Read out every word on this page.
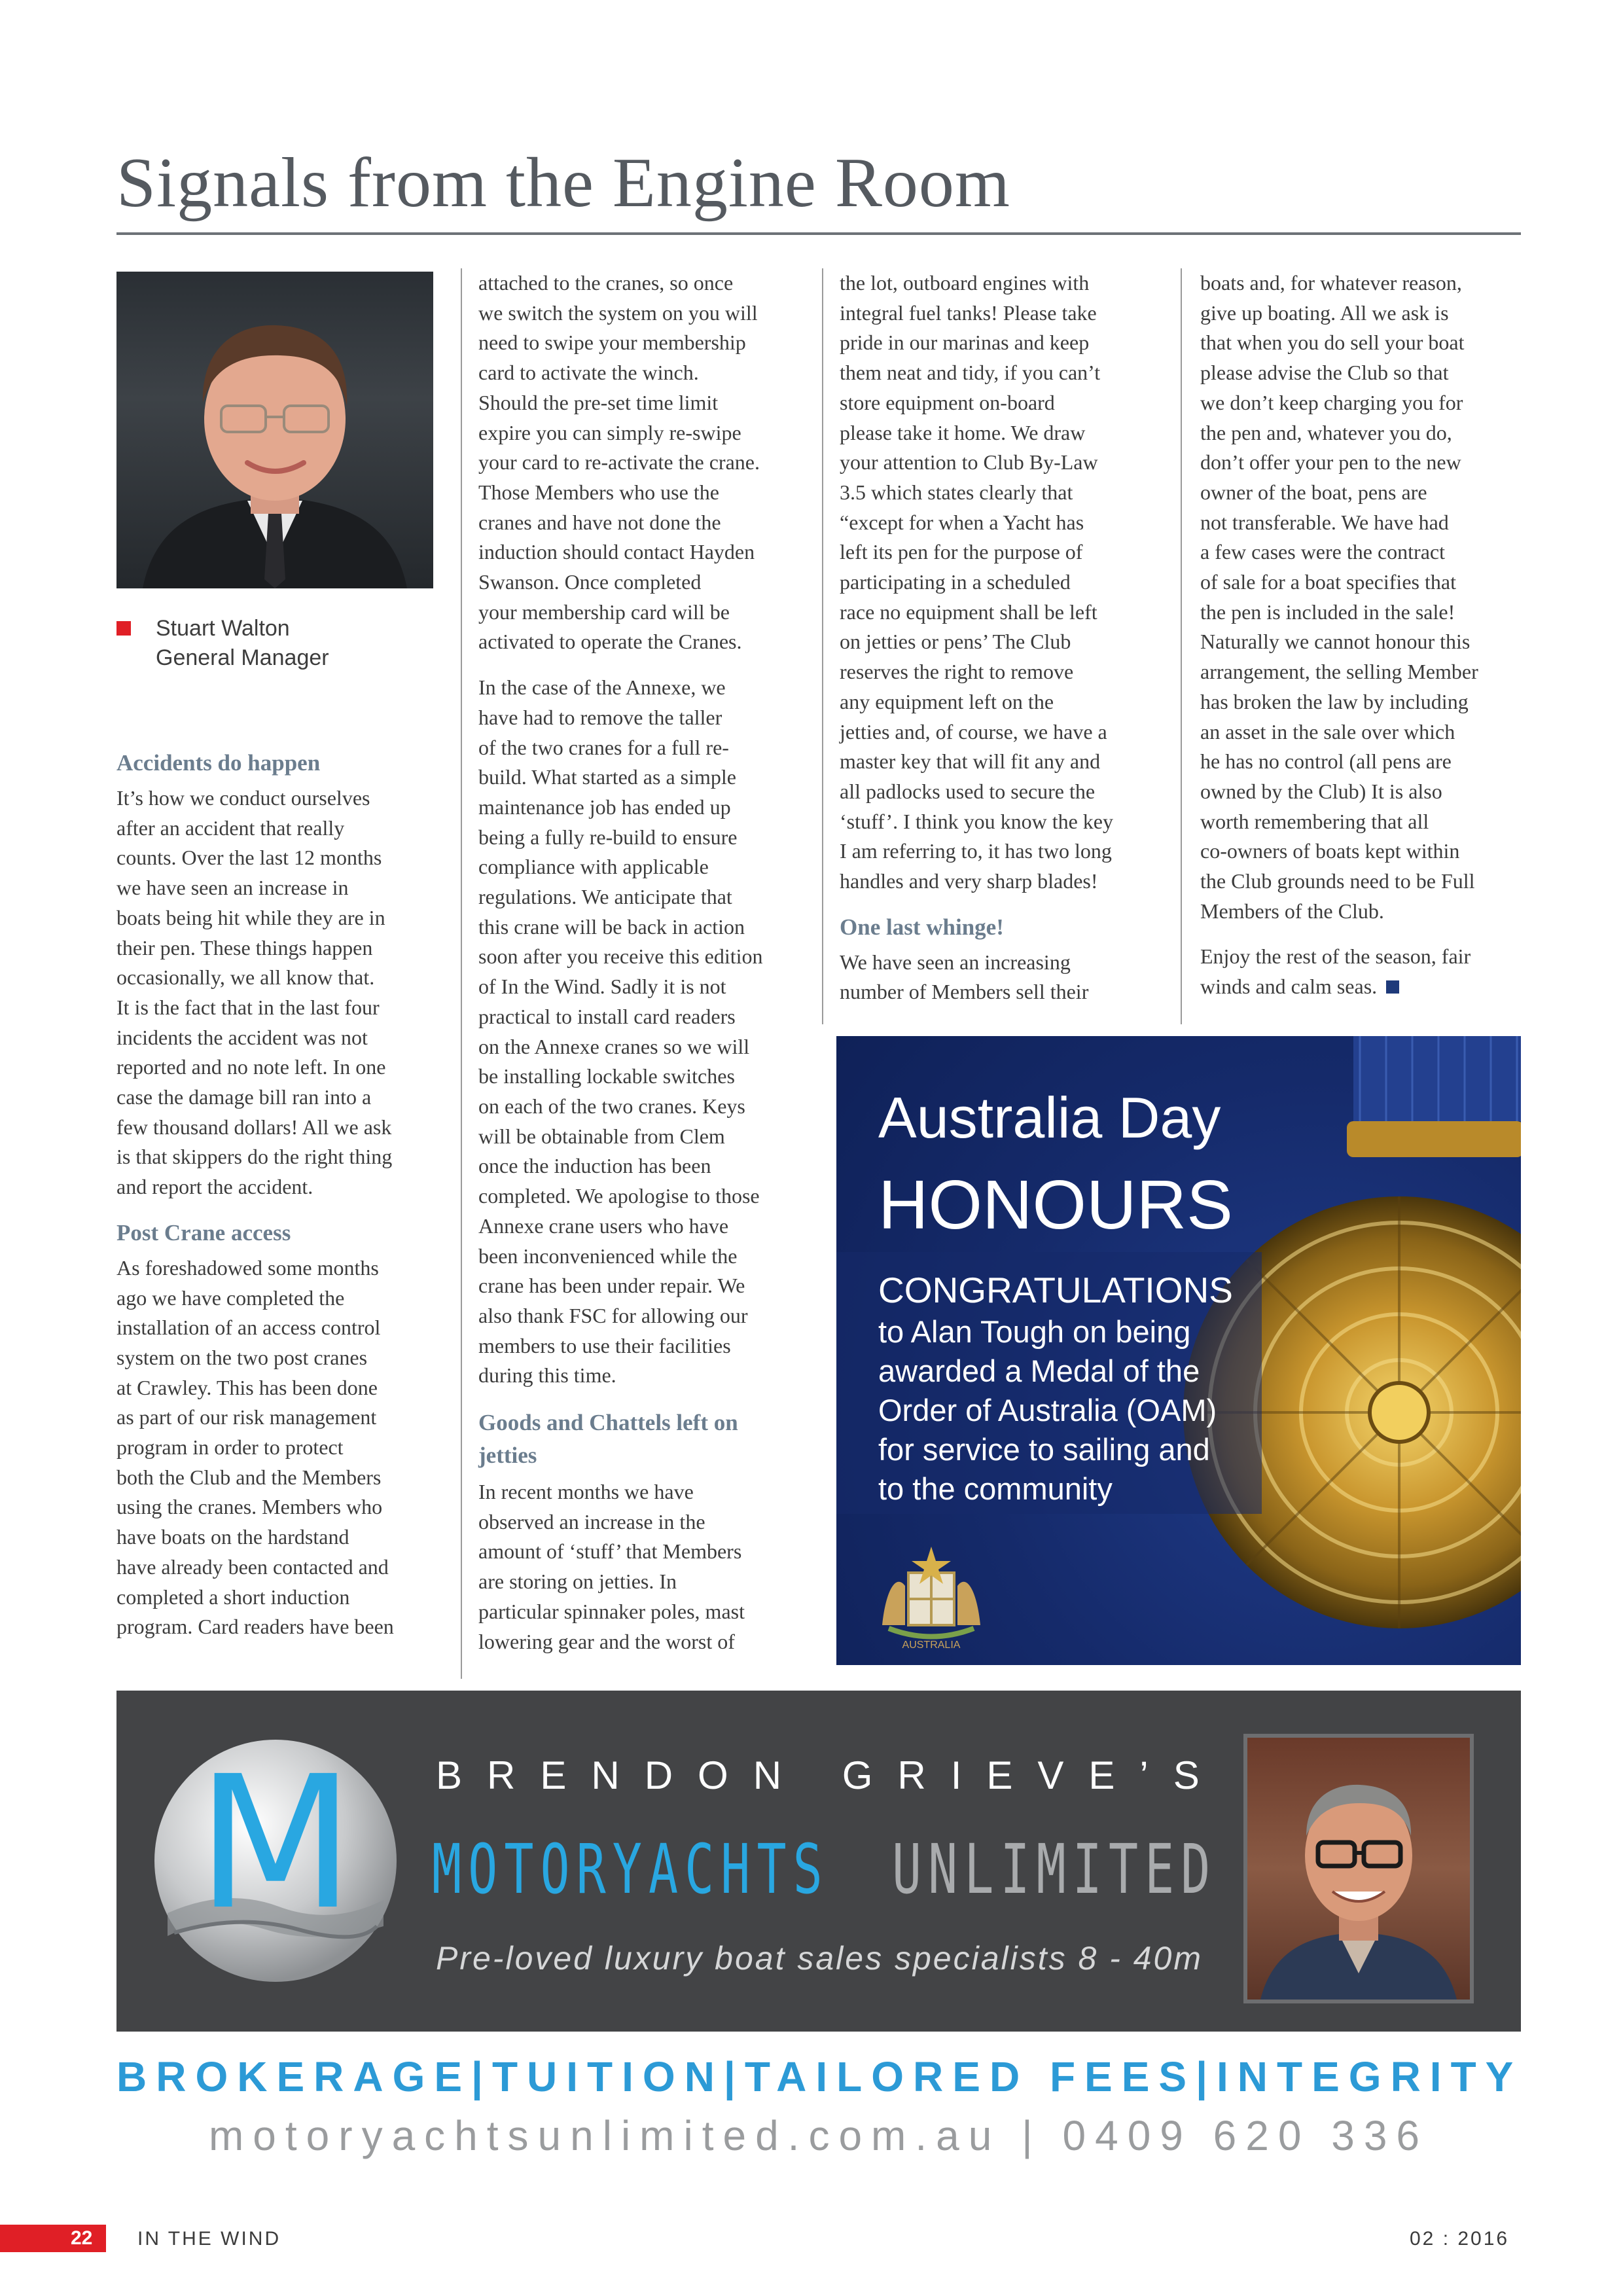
Signals from the Engine Room
Stuart Walton
General Manager
Accidents do happen

It’s how we conduct ourselves
after an accident that really
counts. Over the last 12 months
we have seen an increase in
boats being hit while they are in
their pen. These things happen
occasionally, we all know that.
It is the fact that in the last four
incidents the accident was not
reported and no note left. In one
case the damage bill ran into a
few thousand dollars! All we ask
is that skippers do the right thing
and report the accident.

Post Crane access

As foreshadowed some months
ago we have completed the
installation of an access control
system on the two post cranes
at Crawley. This has been done
as part of our risk management
program in order to protect
both the Club and the Members
using the cranes. Members who
have boats on the hardstand
have already been contacted and
completed a short induction
program. Card readers have been

attached to the cranes, so once
we switch the system on you will
need to swipe your membership
card to activate the winch.
Should the pre-set time limit
expire you can simply re-swipe
your card to re-activate the crane.
Those Members who use the
cranes and have not done the
induction should contact Hayden
Swanson. Once completed
your membership card will be
activated to operate the Cranes.

In the case of the Annexe, we
have had to remove the taller
of the two cranes for a full re-
build. What started as a simple
maintenance job has ended up
being a fully re-build to ensure
compliance with applicable
regulations. We anticipate that
this crane will be back in action
soon after you receive this edition
of In the Wind. Sadly it is not
practical to install card readers
on the Annexe cranes so we will
be installing lockable switches
on each of the two cranes. Keys
will be obtainable from Clem
once the induction has been
completed. We apologise to those
Annexe crane users who have
been inconvenienced while the
crane has been under repair. We
also thank FSC for allowing our
members to use their facilities
during this time.

Goods and Chattels left on
jetties

In recent months we have
observed an increase in the
amount of ‘stuff’ that Members
are storing on jetties. In
particular spinnaker poles, mast
lowering gear and the worst of

the lot, outboard engines with
integral fuel tanks! Please take
pride in our marinas and keep
them neat and tidy, if you can’t
store equipment on-board
please take it home. We draw
your attention to Club By-Law
3.5 which states clearly that
“except for when a Yacht has
left its pen for the purpose of
participating in a scheduled
race no equipment shall be left
on jetties or pens’ The Club
reserves the right to remove
any equipment left on the
jetties and, of course, we have a
master key that will fit any and
all padlocks used to secure the
‘stuff’. I think you know the key
I am referring to, it has two long
handles and very sharp blades!

One last whinge!

We have seen an increasing
number of Members sell their

boats and, for whatever reason,
give up boating. All we ask is
that when you do sell your boat
please advise the Club so that
we don’t keep charging you for
the pen and, whatever you do,
don’t offer your pen to the new
owner of the boat, pens are
not transferable. We have had
a few cases were the contract
of sale for a boat specifies that
the pen is included in the sale!
Naturally we cannot honour this
arrangement, the selling Member
has broken the law by including
an asset in the sale over which
he has no control (all pens are
owned by the Club) It is also
worth remembering that all
co-owners of boats kept within
the Club grounds need to be Full
Members of the Club.

Enjoy the rest of the season, fair
winds and calm seas.

AUSTRALIA
Australia Day
HONOURS
CONGRATULATIONS
to Alan Tough on being
awarded a Medal of the
Order of Australia (OAM)
for service to sailing and
to the community
M BRENDON GRIEVE’S
MOTORYACHTS UNLIMITED
Pre-loved luxury boat sales specialists 8 - 40m
BROKERAGE|TUITION|TAILORED FEES|INTEGRITY
motoryachtsunlimited.com.au | 0409 620 336
22 IN THE WIND	02 : 2016
